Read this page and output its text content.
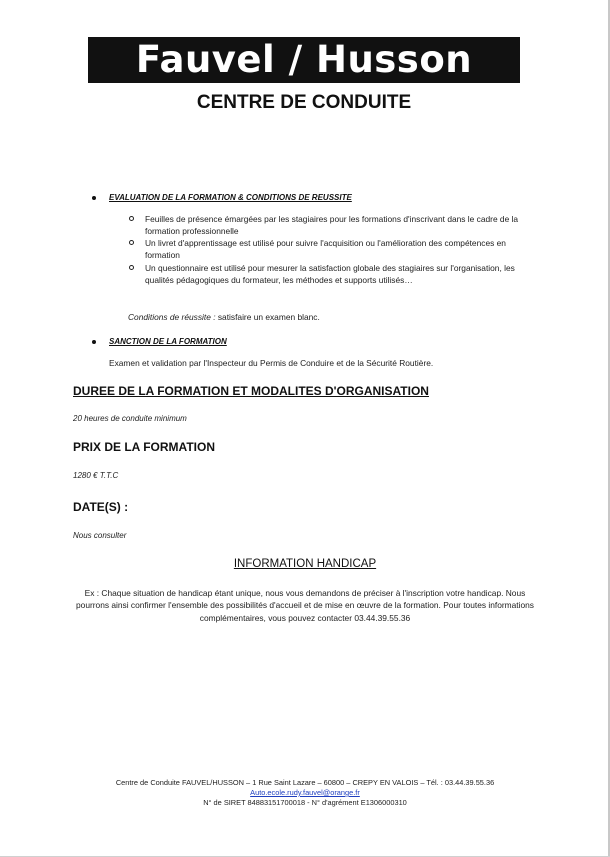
Fauvel / Husson
CENTRE DE CONDUITE
EVALUATION DE LA FORMATION & CONDITIONS DE REUSSITE
Feuilles de présence émargées par les stagiaires pour les formations d'inscrivant dans le cadre de la formation professionnelle
Un livret d'apprentissage est utilisé pour suivre l'acquisition ou l'amélioration des compétences en formation
Un questionnaire est utilisé pour mesurer la satisfaction globale des stagiaires sur l'organisation, les qualités pédagogiques du formateur, les méthodes et supports utilisés…
Conditions de réussite : satisfaire un examen blanc.
SANCTION DE LA FORMATION
Examen et validation par l'Inspecteur du Permis de Conduire et de la Sécurité Routière.
DUREE DE LA FORMATION ET MODALITES D'ORGANISATION
20 heures de conduite minimum
PRIX DE LA FORMATION
1280 € T.T.C
DATE(S) :
Nous consulter
INFORMATION HANDICAP
Ex : Chaque situation de handicap étant unique, nous vous demandons de préciser à l'inscription votre handicap. Nous pourrons ainsi confirmer l'ensemble des possibilités d'accueil et de mise en œuvre de la formation. Pour toutes informations complémentaires, vous pouvez contacter 03.44.39.55.36
Centre de Conduite FAUVEL/HUSSON – 1 Rue Saint Lazare – 60800 – CREPY EN VALOIS – Tél. : 03.44.39.55.36
Auto.ecole.rudy.fauvel@orange.fr
N° de SIRET 84883151700018 - N° d'agrément E1306000310
